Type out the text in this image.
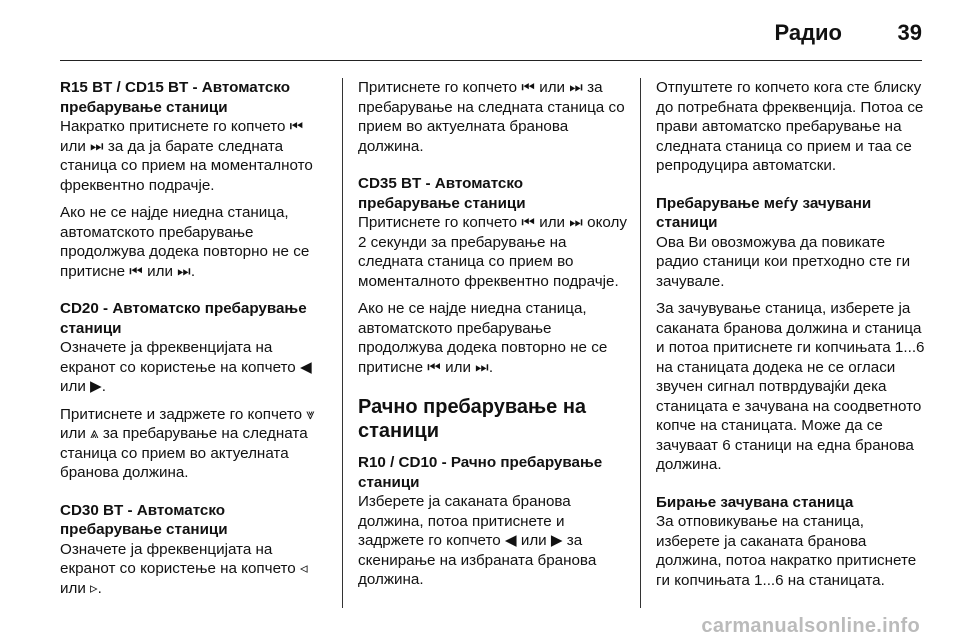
Радио	39
R15 BT / CD15 BT - Автоматско пребарување станици

Накратко притиснете го копчето ⏮ или ⏭ за да ја барате следната станица со прием на моменталното фреквентно подрачје.

Ако не се најде ниедна станица, автоматското пребарување продолжува додека повторно не се притисне ⏮ или ⏭.

CD20 - Автоматско пребарување станици

Означете ја фреквенцијата на екранот со користење на копчето ◀ или ▶.

Притиснете и задржете го копчето ⩔ или ⩓ за пребарување на следната станица со прием во актуелната бранова должина.

CD30 BT - Автоматско пребарување станици

Означете ја фреквенцијата на екранот со користење на копчето ◃ или ▹.

Притиснете го копчето ⏮ или ⏭ за пребарување на следната станица со прием во актуелната бранова должина.

CD35 BT - Автоматско пребарување станици

Притиснете го копчето ⏮ или ⏭ околу 2 секунди за пребарување на следната станица со прием во моменталното фреквентно подрачје.

Ако не се најде ниедна станица, автоматското пребарување продолжува додека повторно не се притисне ⏮ или ⏭.

Рачно пребарување на станици
R10 / CD10 - Рачно пребарување станици

Изберете ја саканата бранова должина, потоа притиснете и задржете го копчето ◀ или ▶ за скенирање на избраната бранова должина.

Отпуштете го копчето кога сте блиску до потребната фреквенција. Потоа се прави автоматско пребарување на следната станица со прием и таа се репродуцира автоматски.

Пребарување меѓу зачувани станици

Ова Ви овозможува да повикате радио станици кои претходно сте ги зачувале.

За зачувување станица, изберете ја саканата бранова должина и станица и потоа притиснете ги копчињата 1...6 на станицата додека не се огласи звучен сигнал потврдувајќи дека станицата е зачувана на соодветното копче на станицата. Може да се зачуваат 6 станици на една бранова должина.

Бирање зачувана станица

За отповикување на станица, изберете ја саканата бранова должина, потоа накратко притиснете ги копчињата 1...6 на станицата.

carmanualsonline.info
